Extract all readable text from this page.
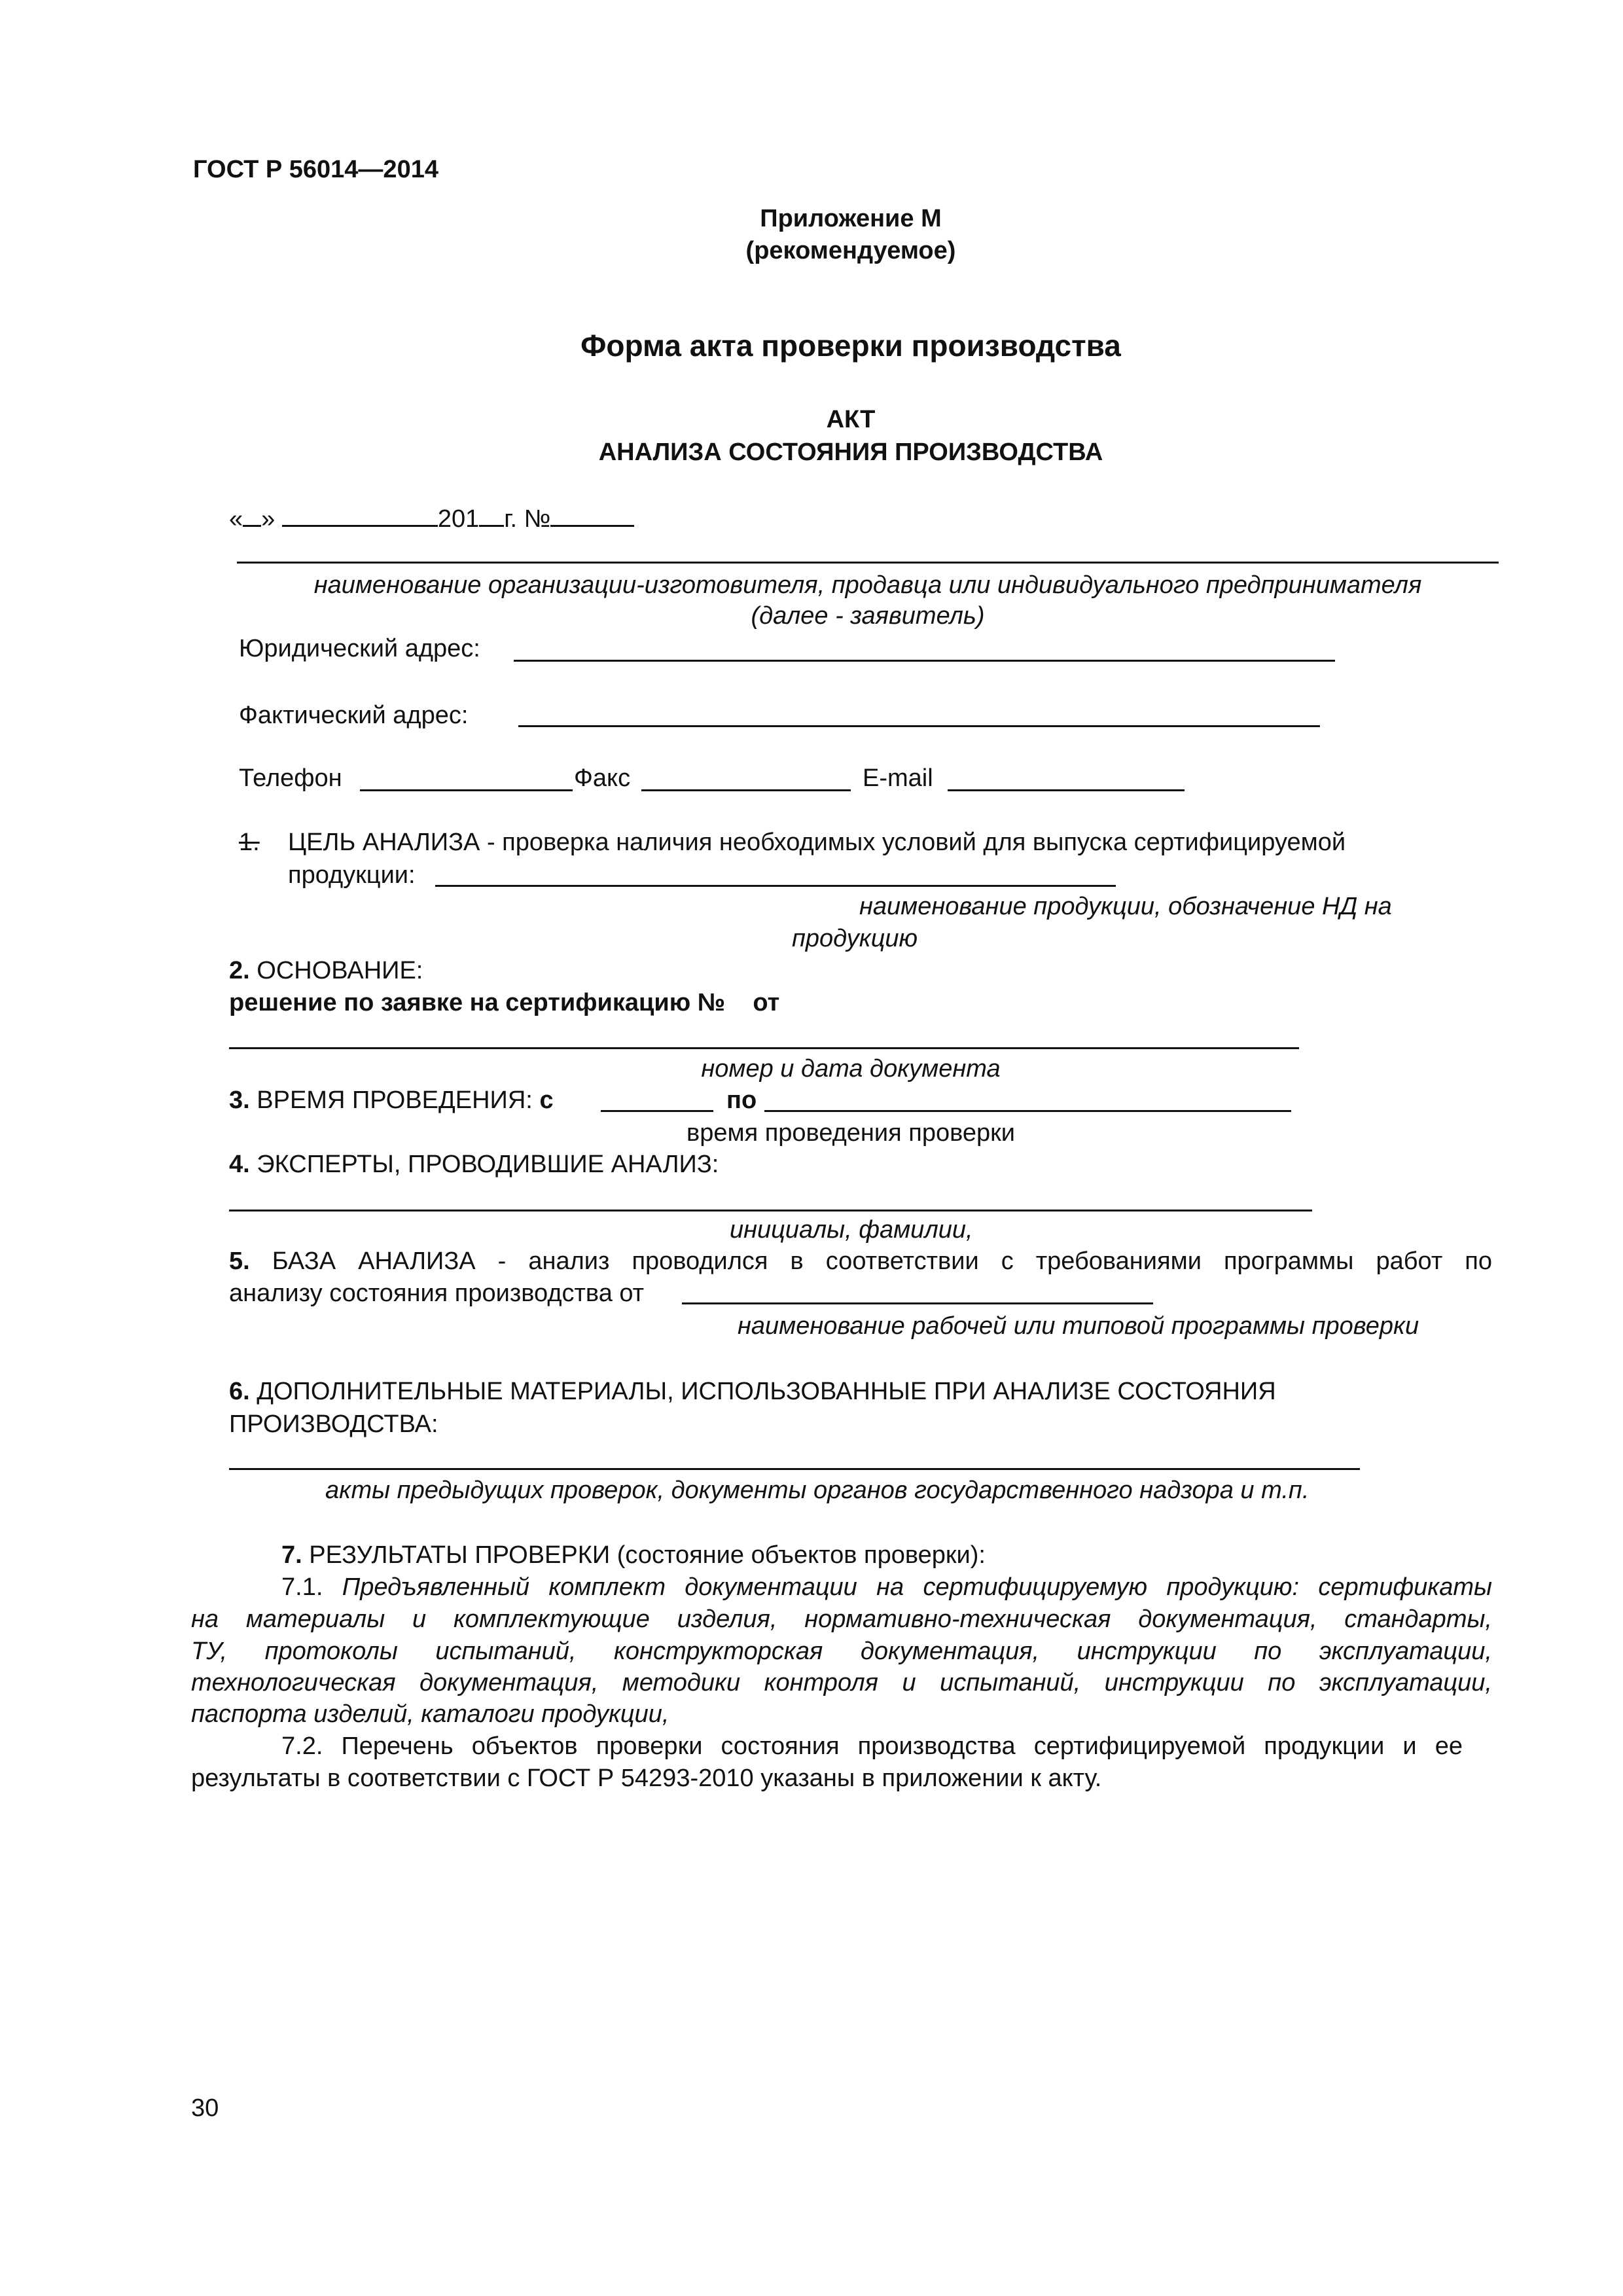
ГОСТ Р 56014—2014
Приложение М
(рекомендуемое)
Форма акта проверки производства
АКТ
АНАЛИЗА СОСТОЯНИЯ ПРОИЗВОДСТВА
« »	201 г. №
наименование организации-изготовителя, продавца или индивидуального предпринимателя
(далее - заявитель)
Юридический адрес:
Фактический адрес:
Телефон	Факс	E-mail
1. ЦЕЛЬ АНАЛИЗА - проверка наличия необходимых условий для выпуска сертифицируемой
продукции:
наименование продукции, обозначение НД на
продукцию
2. ОСНОВАНИЕ:
решение по заявке на сертификацию № от
номер и дата документа
3. ВРЕМЯ ПРОВЕДЕНИЯ: с	по
время проведения проверки
4. ЭКСПЕРТЫ, ПРОВОДИВШИЕ АНАЛИЗ:
инициалы, фамилии,
5. БАЗА АНАЛИЗА - анализ проводился в соответствии с требованиями программы работ по
анализу состояния производства от
наименование рабочей или типовой программы проверки
6. ДОПОЛНИТЕЛЬНЫЕ МАТЕРИАЛЫ, ИСПОЛЬЗОВАННЫЕ ПРИ АНАЛИЗЕ СОСТОЯНИЯ
ПРОИЗВОДСТВА:
акты предыдущих проверок, документы органов государственного надзора и т.п.
7. РЕЗУЛЬТАТЫ ПРОВЕРКИ (состояние объектов проверки):
7.1. Предъявленный комплект документации на сертифицируемую продукцию: сертификаты
на материалы и комплектующие изделия, нормативно-техническая документация, стандарты,
ТУ, протоколы испытаний, конструкторская документация, инструкции по эксплуатации,
технологическая документация, методики контроля и испытаний, инструкции по эксплуатации,
паспорта изделий, каталоги продукции,
7.2. Перечень объектов проверки состояния производства сертифицируемой продукции и ее
результаты в соответствии с ГОСТ Р 54293-2010 указаны в приложении к акту.
30
